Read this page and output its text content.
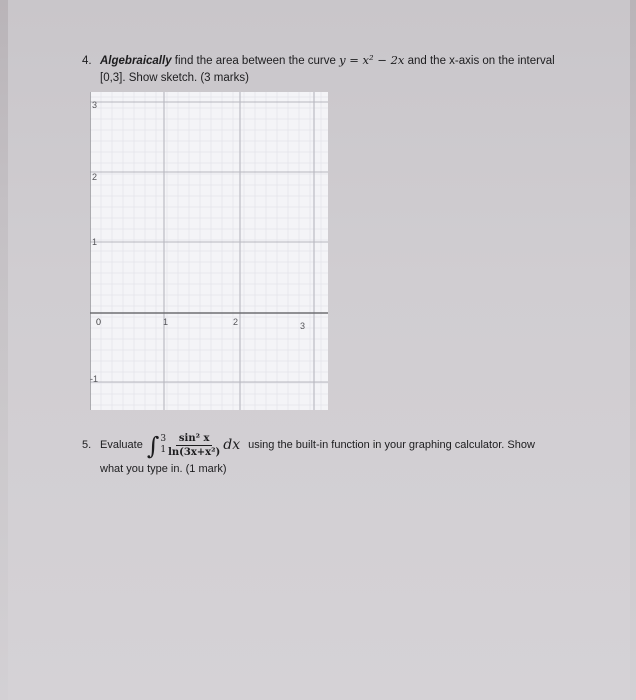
4. Algebraically find the area between the curve y = x² − 2x and the x-axis on the interval
[0,3]. Show sketch. (3 marks)
0	1	2	3
3
2
1
-1
5. Evaluate ∫ 3
$1 \frac{\text{sin² x}}{\text{ln(3x+x²)}}$ dx using the built-in function in your graphing calculator. Show
what you type in. (1 mark)
